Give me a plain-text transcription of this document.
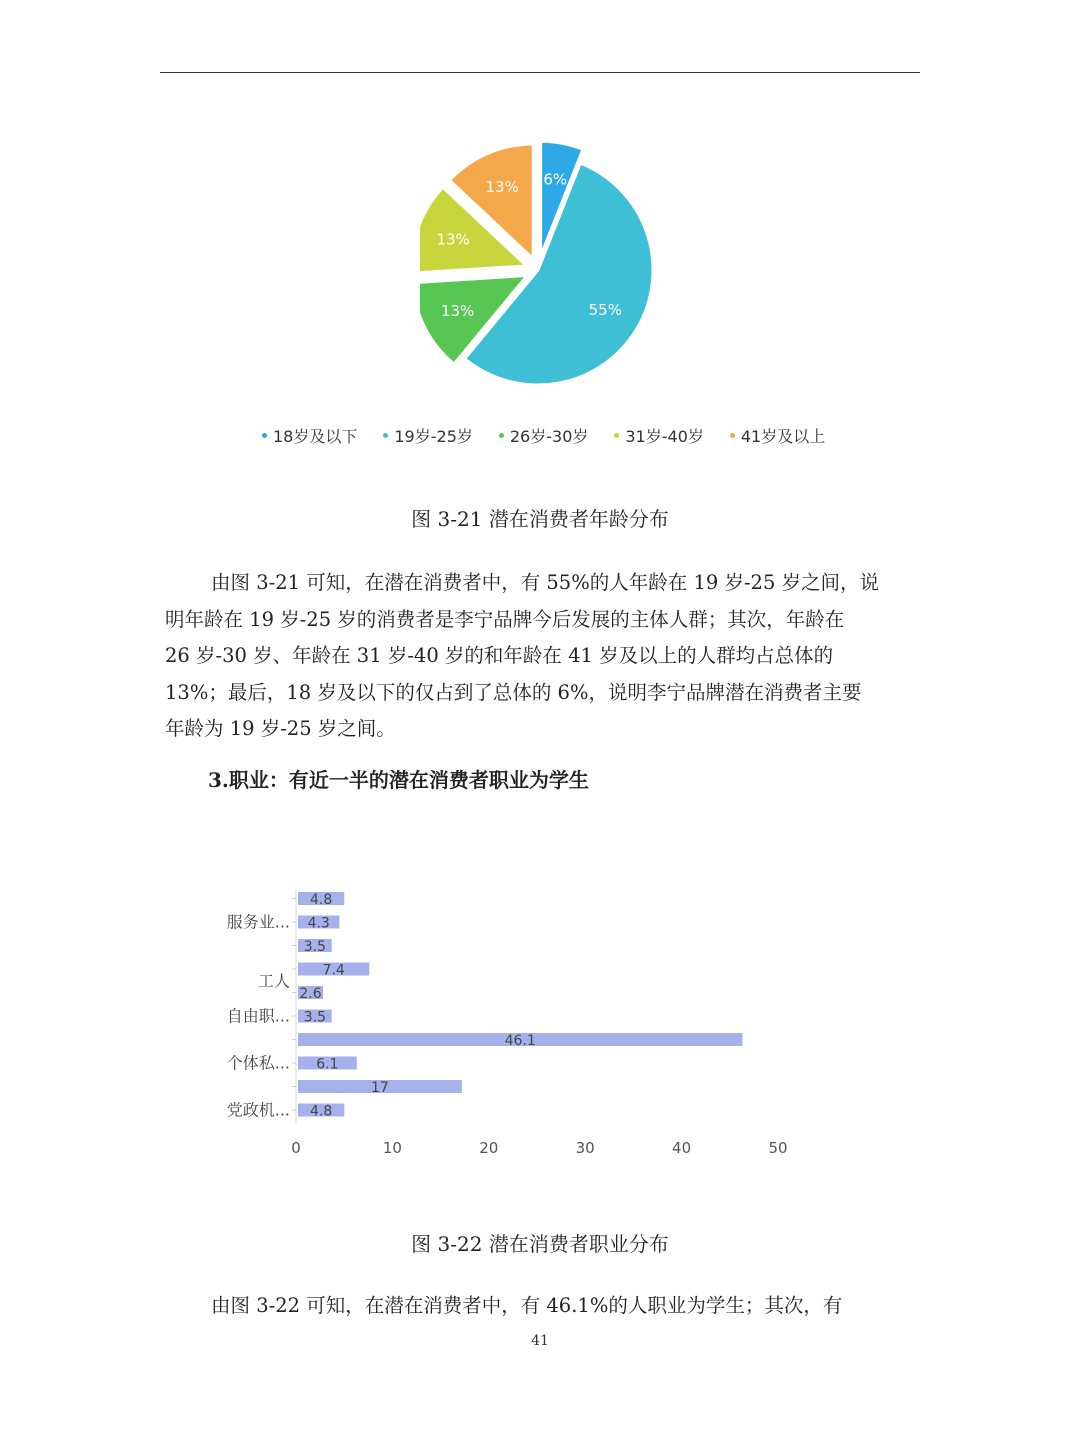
6%
55%
13%
13%
13%
18岁及以下 19岁-25岁 26岁-30岁 31岁-40岁 41岁及以上
图 3-21 潜在消费者年龄分布

由图 3-21 可知，在潜在消费者中，有 55%的人年龄在 19 岁-25 岁之间，说

明年龄在 19 岁-25 岁的消费者是李宁品牌今后发展的主体人群；其次，年龄在

26 岁-30 岁、年龄在 31 岁-40 岁的和年龄在 41 岁及以上的人群均占总体的

13%；最后，18 岁及以下的仅占到了总体的 6%，说明李宁品牌潜在消费者主要

年龄为 19 岁-25 岁之间。

3.职业：有近一半的潜在消费者职业为学生
4.8
4.3
3.5
7.4
2.6
3.5
46.1
6.1
17
4.8
服务业...
工人
自由职...
个体私...
党政机...
0	10	20	30	40	50
图 3-22 潜在消费者职业分布

由图 3-22 可知，在潜在消费者中，有 46.1%的人职业为学生；其次，有

41
